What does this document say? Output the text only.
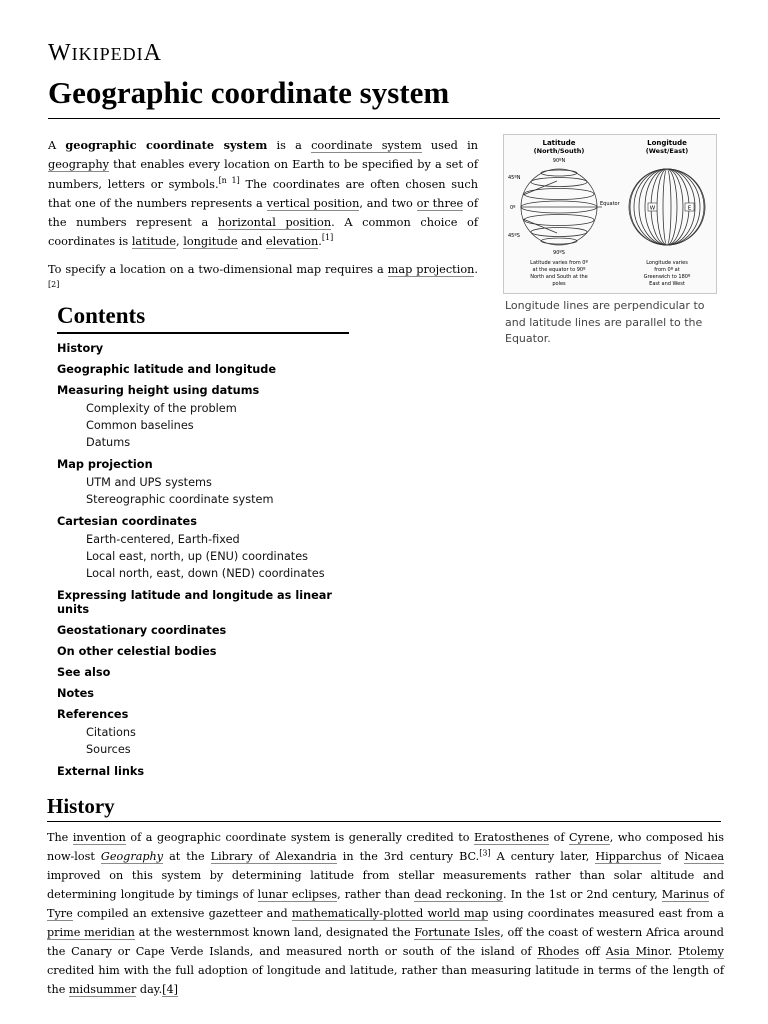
WIKIPEDIA
Geographic coordinate system

A geographic coordinate system is a coordinate system used in geography that enables every location on Earth to be specified by a set of numbers, letters or symbols.[n 1] The coordinates are often chosen such that one of the numbers represents a vertical position, and two or three of the numbers represent a horizontal position. A common choice of coordinates is latitude, longitude and elevation.[1]

To specify a location on a two-dimensional map requires a map projection.[2]

Latitude
(North/South)
Longitude
(West/East)
90ºN
45ºN
0º
45ºS
90ºS
Equator
W	E
Latitude varies from 0º
at the equator to 90º
North and South at the
poles
Longitude varies
from 0º at
Greenwich to 180º
East and West
Longitude lines are perpendicular to and latitude lines are parallel to the Equator.
Contents
History
Geographic latitude and longitude
Measuring height using datums
Complexity of the problem
Common baselines
Datums
Map projection
UTM and UPS systems
Stereographic coordinate system
Cartesian coordinates
Earth-centered, Earth-fixed
Local east, north, up (ENU) coordinates
Local north, east, down (NED) coordinates
Expressing latitude and longitude as linear units
Geostationary coordinates
On other celestial bodies
See also
Notes
References
Citations
Sources
External links
History

The invention of a geographic coordinate system is generally credited to Eratosthenes of Cyrene, who composed his now-lost Geography at the Library of Alexandria in the 3rd century BC.[3] A century later, Hipparchus of Nicaea improved on this system by determining latitude from stellar measurements rather than solar altitude and determining longitude by timings of lunar eclipses, rather than dead reckoning. In the 1st or 2nd century, Marinus of Tyre compiled an extensive gazetteer and mathematically-plotted world map using coordinates measured east from a prime meridian at the westernmost known land, designated the Fortunate Isles, off the coast of western Africa around the Canary or Cape Verde Islands, and measured north or south of the island of Rhodes off Asia Minor. Ptolemy credited him with the full adoption of longitude and latitude, rather than measuring latitude in terms of the length of the midsummer day.[4]
